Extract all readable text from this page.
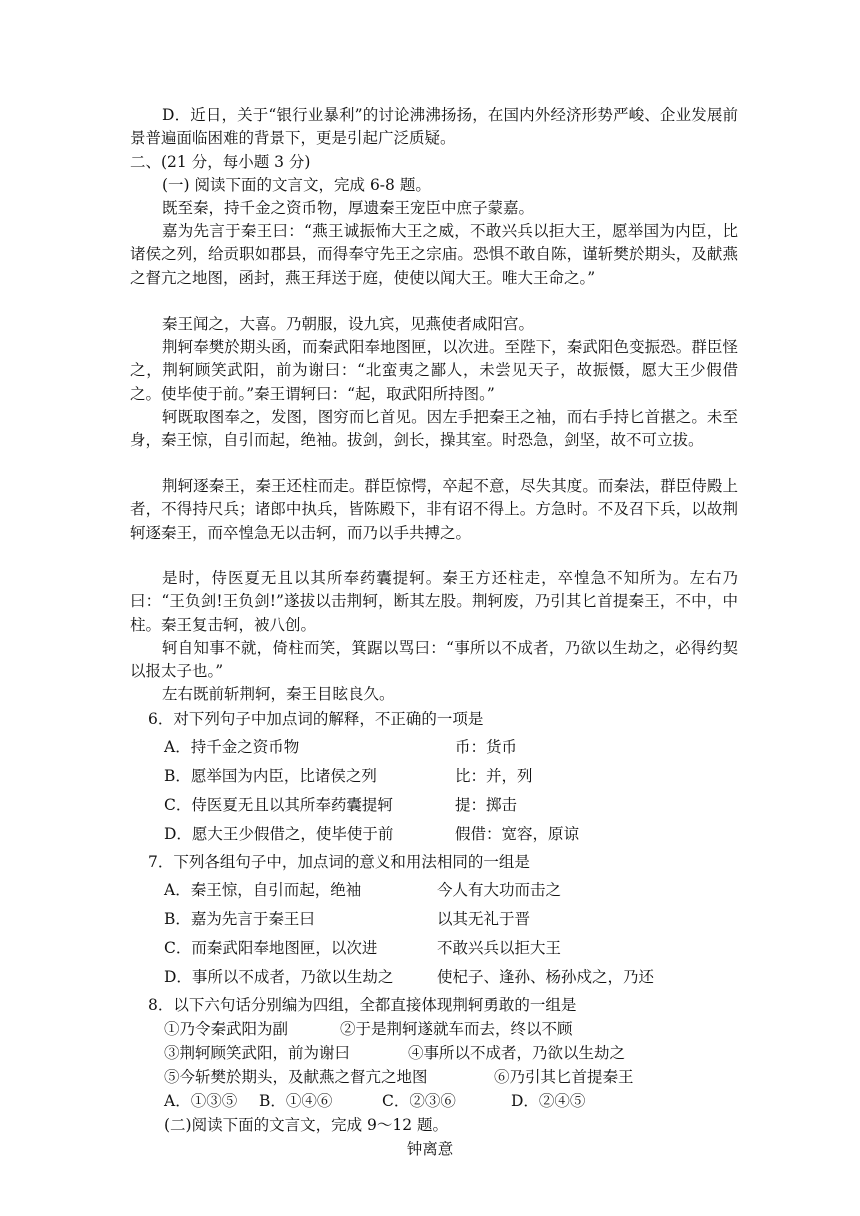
D．近日，关于“银行业暴利”的讨论沸沸扬扬，在国内外经济形势严峻、企业发展前景普遍面临困难的背景下，更是引起广泛质疑。

二、(21 分，每小题 3 分)

(一) 阅读下面的文言文，完成 6-8 题。

既至秦，持千金之资币物，厚遗秦王宠臣中庶子蒙嘉。

嘉为先言于秦王曰：“燕王诚振怖大王之威，不敢兴兵以拒大王，愿举国为内臣，比诸侯之列，给贡职如郡县，而得奉守先王之宗庙。恐惧不敢自陈，谨斩樊於期头，及献燕之督亢之地图，函封，燕王拜送于庭，使使以闻大王。唯大王命之。”

秦王闻之，大喜。乃朝服，设九宾，见燕使者咸阳宫。

荆轲奉樊於期头函，而秦武阳奉地图匣，以次进。至陛下，秦武阳色变振恐。群臣怪之，荆轲顾笑武阳，前为谢曰：“北蛮夷之鄙人，未尝见天子，故振慑，愿大王少假借之。使毕使于前。”秦王谓轲曰：“起，取武阳所持图。”

轲既取图奉之，发图，图穷而匕首见。因左手把秦王之袖，而右手持匕首揕之。未至身，秦王惊，自引而起，绝袖。拔剑，剑长，操其室。时恐急，剑坚，故不可立拔。

荆轲逐秦王，秦王还柱而走。群臣惊愕，卒起不意，尽失其度。而秦法，群臣侍殿上者，不得持尺兵；诸郎中执兵，皆陈殿下，非有诏不得上。方急时。不及召下兵，以故荆轲逐秦王，而卒惶急无以击轲，而乃以手共搏之。

是时，侍医夏无且以其所奉药囊提轲。秦王方还柱走，卒惶急不知所为。左右乃曰：“王负剑!王负剑!”遂拔以击荆轲，断其左股。荆轲废，乃引其匕首提秦王，不中，中柱。秦王复击轲，被八创。

轲自知事不就，倚柱而笑，箕踞以骂曰：“事所以不成者，乃欲以生劫之，必得约契以报太子也。”

左右既前斩荆轲，秦王目眩良久。

6．对下列句子中加点词的解释，不正确的一项是
A．持千金之资币物	币：货币
B．愿举国为内臣，比诸侯之列	比：并，列
C．侍医夏无且以其所奉药囊提轲	提：掷击
D．愿大王少假借之，使毕使于前	假借：宽容，原谅
7．下列各组句子中，加点词的意义和用法相同的一组是
A．秦王惊，自引而起，绝袖	今人有大功而击之
B．嘉为先言于秦王曰	以其无礼于晋
C．而秦武阳奉地图匣，以次进	不敢兴兵以拒大王
D．事所以不成者，乃欲以生劫之	使杞子、逢孙、杨孙戍之，乃还
8．以下六句话分别编为四组，全都直接体现荆轲勇敢的一组是
①乃令秦武阳为副	②于是荆轲遂就车而去，终以不顾
③荆轲顾笑武阳，前为谢曰	④事所以不成者，乃欲以生劫之
⑤今斩樊於期头，及献燕之督亢之地图	⑥乃引其匕首提秦王
A．①③⑤ B．①④⑥	C．②③⑥	D．②④⑤
(二)阅读下面的文言文，完成 9～12 题。
钟离意
